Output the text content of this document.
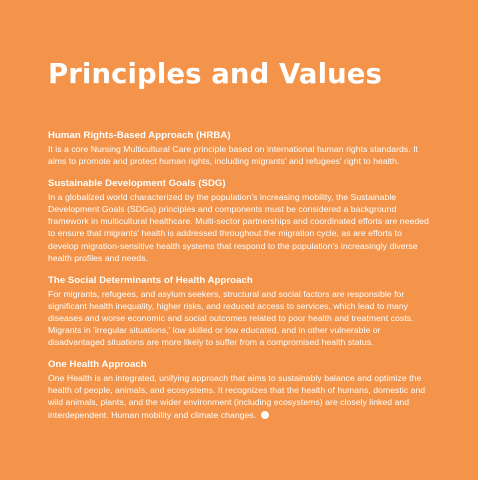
Principles and Values
Human Rights-Based Approach (HRBA)

It is a core Nursing Multicultural Care principle based on international human rights standards. It aims to promote and protect human rights, including migrants' and refugees' right to health.

Sustainable Development Goals (SDG)

In a globalized world characterized by the population's increasing mobility, the Sustainable Development Goals (SDGs) principles and components must be considered a background framework in multicultural healthcare. Multi-sector partnerships and coordinated efforts are needed to ensure that migrants' health is addressed throughout the migration cycle, as are efforts to develop migration-sensitive health systems that respond to the population's increasingly diverse health profiles and needs.

The Social Determinants of Health Approach

For migrants, refugees, and asylum seekers, structural and social factors are responsible for significant health inequality, higher risks, and reduced access to services, which lead to many diseases and worse economic and social outcomes related to poor health and treatment costs. Migrants in 'irregular situations,' low skilled or low educated, and in other vulnerable or disadvantaged situations are more likely to suffer from a compromised health status.

One Health Approach

One Health is an integrated, unifying approach that aims to sustainably balance and optimize the health of people, animals, and ecosystems. It recognizes that the health of humans, domestic and wild animals, plants, and the wider environment (including ecosystems) are closely linked and interdependent. Human mobility and climate changes.
